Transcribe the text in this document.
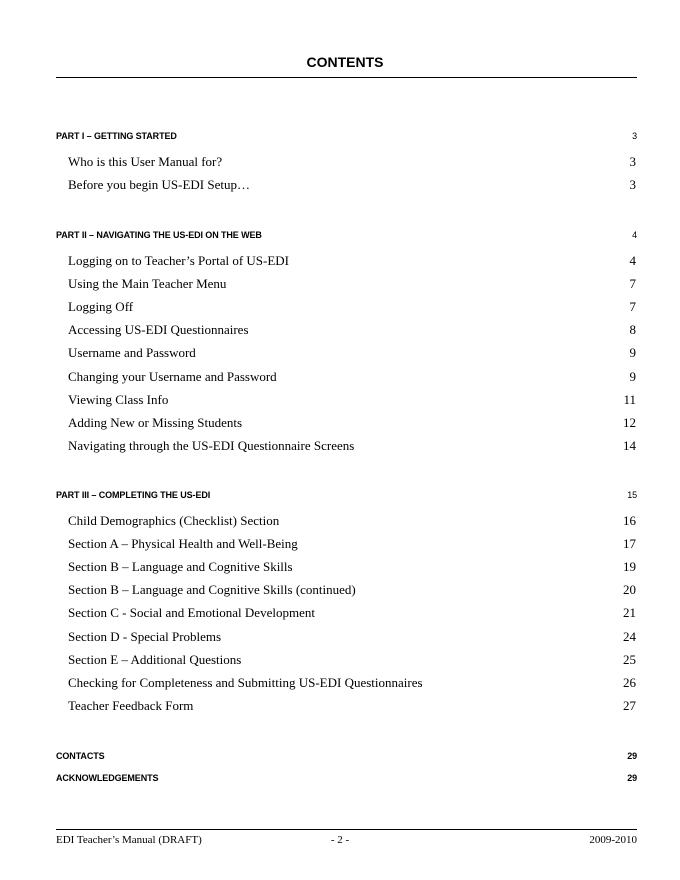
CONTENTS
PART I – GETTING STARTED	3
Who is this User Manual for?	3
Before you begin US-EDI Setup…	3
PART II – NAVIGATING THE US-EDI ON THE WEB	4
Logging on to Teacher’s Portal of US-EDI	4
Using the Main Teacher Menu	7
Logging Off	7
Accessing US-EDI Questionnaires	8
Username and Password	9
Changing your Username and Password	9
Viewing Class Info	11
Adding New or Missing Students	12
Navigating through the US-EDI Questionnaire Screens	14
PART III – COMPLETING THE US-EDI	15
Child Demographics (Checklist) Section	16
Section A – Physical Health and Well-Being	17
Section B – Language and Cognitive Skills	19
Section B – Language and Cognitive Skills (continued)	20
Section C - Social and Emotional Development	21
Section D - Special Problems	24
Section E – Additional Questions	25
Checking for Completeness and Submitting US-EDI Questionnaires	26
Teacher Feedback Form	27
CONTACTS	29
ACKNOWLEDGEMENTS	29
EDI Teacher’s Manual (DRAFT)	- 2 -	2009-2010
